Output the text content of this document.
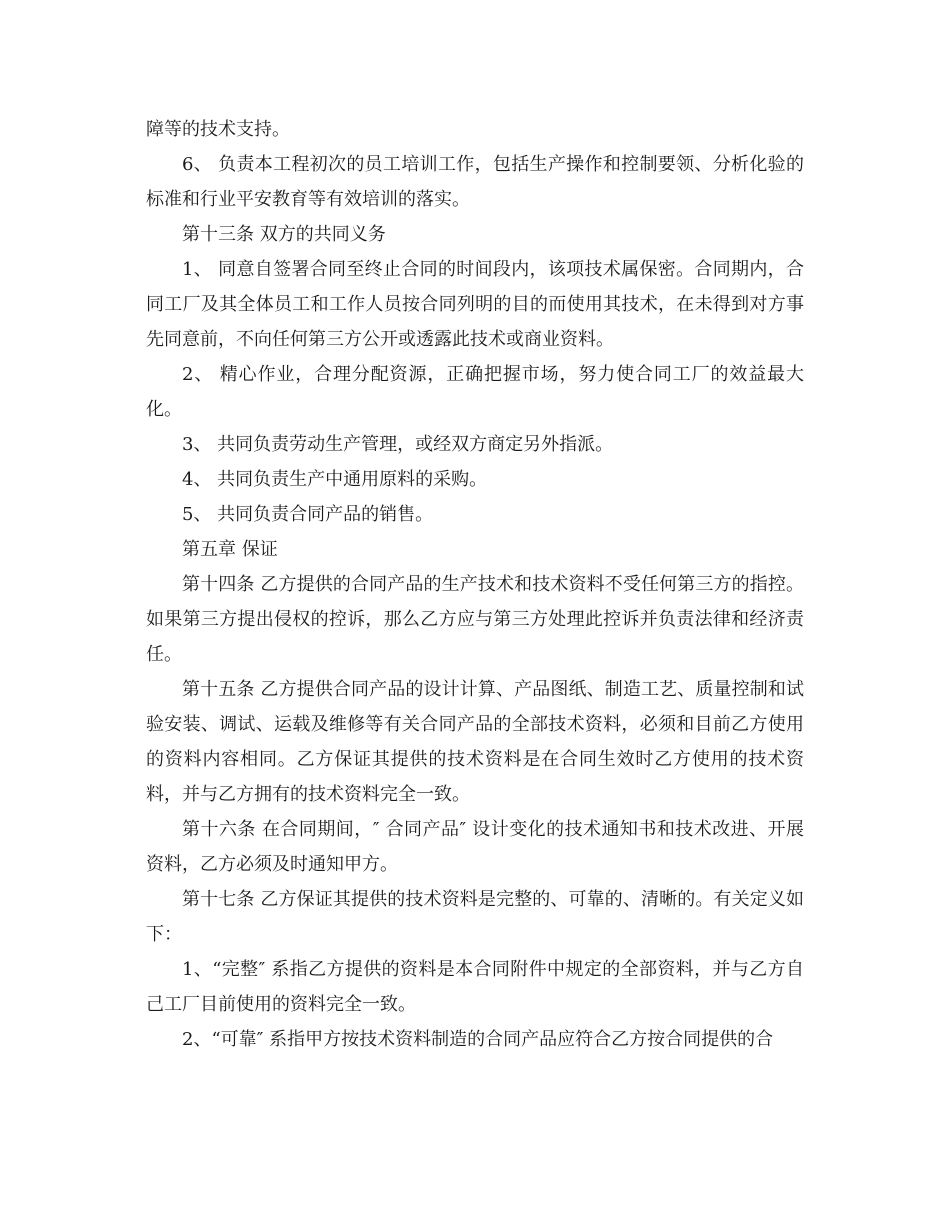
障等的技术支持。

6、 负责本工程初次的员工培训工作，包括生产操作和控制要领、分析化验的标准和行业平安教育等有效培训的落实。

第十三条 双方的共同义务

1、 同意自签署合同至终止合同的时间段内，该项技术属保密。合同期内，合同工厂及其全体员工和工作人员按合同列明的目的而使用其技术，在未得到对方事先同意前，不向任何第三方公开或透露此技术或商业资料。

2、 精心作业，合理分配资源，正确把握市场，努力使合同工厂的效益最大化。

3、 共同负责劳动生产管理，或经双方商定另外指派。

4、 共同负责生产中通用原料的采购。

5、 共同负责合同产品的销售。

第五章 保证

第十四条 乙方提供的合同产品的生产技术和技术资料不受任何第三方的指控。如果第三方提出侵权的控诉，那么乙方应与第三方处理此控诉并负责法律和经济责任。

第十五条 乙方提供合同产品的设计计算、产品图纸、制造工艺、质量控制和试验安装、调试、运载及维修等有关合同产品的全部技术资料，必须和目前乙方使用的资料内容相同。乙方保证其提供的技术资料是在合同生效时乙方使用的技术资料，并与乙方拥有的技术资料完全一致。

第十六条 在合同期间，″ 合同产品″ 设计变化的技术通知书和技术改进、开展资料，乙方必须及时通知甲方。

第十七条 乙方保证其提供的技术资料是完整的、可靠的、清晰的。有关定义如下：

1、“完整″ 系指乙方提供的资料是本合同附件中规定的全部资料，并与乙方自己工厂目前使用的资料完全一致。

2、“可靠″ 系指甲方按技术资料制造的合同产品应符合乙方按合同提供的合
